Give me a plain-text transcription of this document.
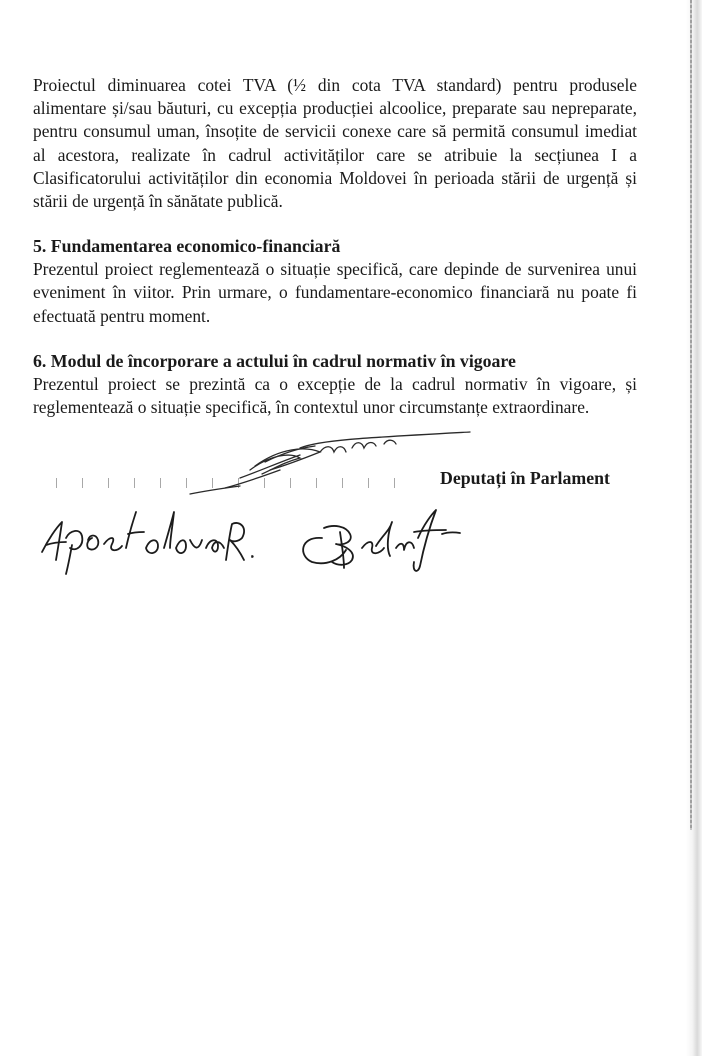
Proiectul diminuarea cotei TVA (½ din cota TVA standard) pentru produsele alimentare și/sau băuturi, cu excepția producției alcoolice, preparate sau nepreparate, pentru consumul uman, însoțite de servicii conexe care să permită consumul imediat al acestora, realizate în cadrul activităților care se atribuie la secțiunea I a Clasificatorului activităților din economia Moldovei în perioada stării de urgență și stării de urgență în sănătate publică.

5. Fundamentarea economico-financiară

Prezentul proiect reglementează o situație specifică, care depinde de survenirea unui eveniment în viitor. Prin urmare, o fundamentare-economico financiară nu poate fi efectuată pentru moment.

6. Modul de încorporare a actului în cadrul normativ în vigoare

Prezentul proiect se prezintă ca o excepție de la cadrul normativ în vigoare, și reglementează o situație specifică, în contextul unor circumstanțe extraordinare.

Deputați în Parlament
